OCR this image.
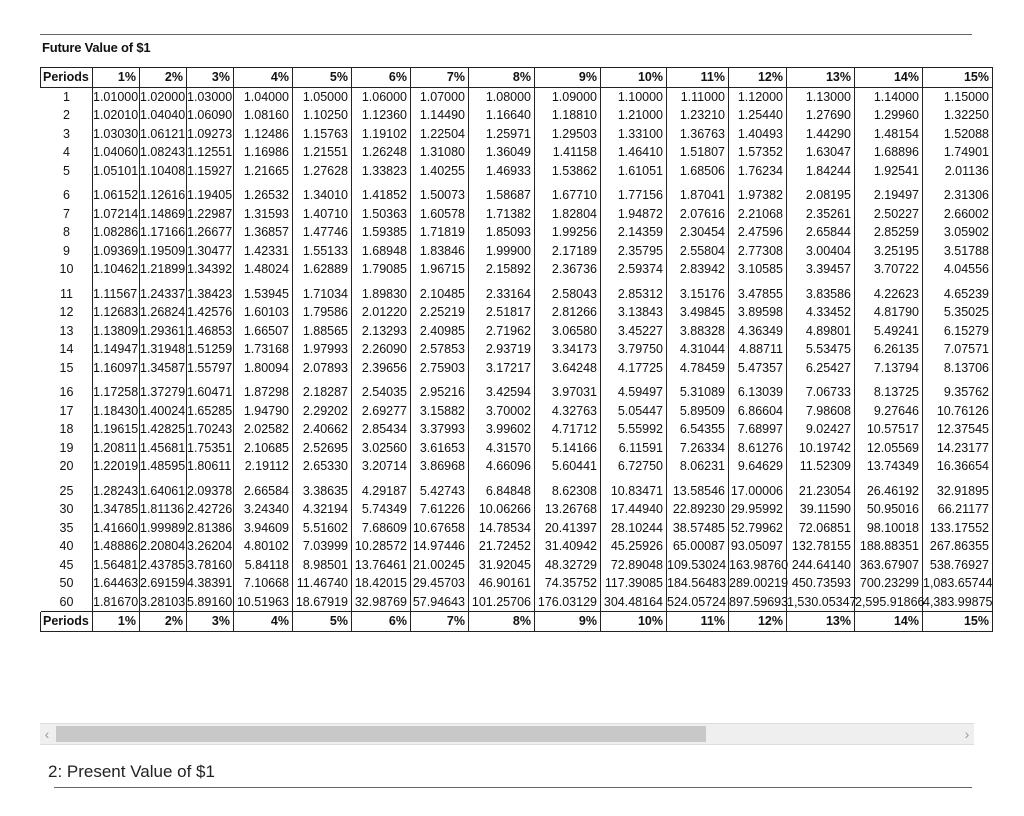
Future Value of $1
Periods	1%	2%	3%	4%	5%	6%	7%	8%	9%	10%	11%	12%	13%	14%	15%
1	1.01000	1.02000	1.03000	1.04000	1.05000	1.06000	1.07000	1.08000	1.09000	1.10000	1.11000	1.12000	1.13000	1.14000	1.15000
2	1.02010	1.04040	1.06090	1.08160	1.10250	1.12360	1.14490	1.16640	1.18810	1.21000	1.23210	1.25440	1.27690	1.29960	1.32250
3	1.03030	1.06121	1.09273	1.12486	1.15763	1.19102	1.22504	1.25971	1.29503	1.33100	1.36763	1.40493	1.44290	1.48154	1.52088
4	1.04060	1.08243	1.12551	1.16986	1.21551	1.26248	1.31080	1.36049	1.41158	1.46410	1.51807	1.57352	1.63047	1.68896	1.74901
5	1.05101	1.10408	1.15927	1.21665	1.27628	1.33823	1.40255	1.46933	1.53862	1.61051	1.68506	1.76234	1.84244	1.92541	2.01136
6	1.06152	1.12616	1.19405	1.26532	1.34010	1.41852	1.50073	1.58687	1.67710	1.77156	1.87041	1.97382	2.08195	2.19497	2.31306
7	1.07214	1.14869	1.22987	1.31593	1.40710	1.50363	1.60578	1.71382	1.82804	1.94872	2.07616	2.21068	2.35261	2.50227	2.66002
8	1.08286	1.17166	1.26677	1.36857	1.47746	1.59385	1.71819	1.85093	1.99256	2.14359	2.30454	2.47596	2.65844	2.85259	3.05902
9	1.09369	1.19509	1.30477	1.42331	1.55133	1.68948	1.83846	1.99900	2.17189	2.35795	2.55804	2.77308	3.00404	3.25195	3.51788
10	1.10462	1.21899	1.34392	1.48024	1.62889	1.79085	1.96715	2.15892	2.36736	2.59374	2.83942	3.10585	3.39457	3.70722	4.04556
11	1.11567	1.24337	1.38423	1.53945	1.71034	1.89830	2.10485	2.33164	2.58043	2.85312	3.15176	3.47855	3.83586	4.22623	4.65239
12	1.12683	1.26824	1.42576	1.60103	1.79586	2.01220	2.25219	2.51817	2.81266	3.13843	3.49845	3.89598	4.33452	4.81790	5.35025
13	1.13809	1.29361	1.46853	1.66507	1.88565	2.13293	2.40985	2.71962	3.06580	3.45227	3.88328	4.36349	4.89801	5.49241	6.15279
14	1.14947	1.31948	1.51259	1.73168	1.97993	2.26090	2.57853	2.93719	3.34173	3.79750	4.31044	4.88711	5.53475	6.26135	7.07571
15	1.16097	1.34587	1.55797	1.80094	2.07893	2.39656	2.75903	3.17217	3.64248	4.17725	4.78459	5.47357	6.25427	7.13794	8.13706
16	1.17258	1.37279	1.60471	1.87298	2.18287	2.54035	2.95216	3.42594	3.97031	4.59497	5.31089	6.13039	7.06733	8.13725	9.35762
17	1.18430	1.40024	1.65285	1.94790	2.29202	2.69277	3.15882	3.70002	4.32763	5.05447	5.89509	6.86604	7.98608	9.27646	10.76126
18	1.19615	1.42825	1.70243	2.02582	2.40662	2.85434	3.37993	3.99602	4.71712	5.55992	6.54355	7.68997	9.02427	10.57517	12.37545
19	1.20811	1.45681	1.75351	2.10685	2.52695	3.02560	3.61653	4.31570	5.14166	6.11591	7.26334	8.61276	10.19742	12.05569	14.23177
20	1.22019	1.48595	1.80611	2.19112	2.65330	3.20714	3.86968	4.66096	5.60441	6.72750	8.06231	9.64629	11.52309	13.74349	16.36654
25	1.28243	1.64061	2.09378	2.66584	3.38635	4.29187	5.42743	6.84848	8.62308	10.83471	13.58546	17.00006	21.23054	26.46192	32.91895
30	1.34785	1.81136	2.42726	3.24340	4.32194	5.74349	7.61226	10.06266	13.26768	17.44940	22.89230	29.95992	39.11590	50.95016	66.21177
35	1.41660	1.99989	2.81386	3.94609	5.51602	7.68609	10.67658	14.78534	20.41397	28.10244	38.57485	52.79962	72.06851	98.10018	133.17552
40	1.48886	2.20804	3.26204	4.80102	7.03999	10.28572	14.97446	21.72452	31.40942	45.25926	65.00087	93.05097	132.78155	188.88351	267.86355
45	1.56481	2.43785	3.78160	5.84118	8.98501	13.76461	21.00245	31.92045	48.32729	72.89048	109.53024	163.98760	244.64140	363.67907	538.76927
50	1.64463	2.69159	4.38391	7.10668	11.46740	18.42015	29.45703	46.90161	74.35752	117.39085	184.56483	289.00219	450.73593	700.23299	1,083.65744
60	1.81670	3.28103	5.89160	10.51963	18.67919	32.98769	57.94643	101.25706	176.03129	304.48164	524.05724	897.59693	1,530.05347	2,595.91866	4,383.99875
Periods	1%	2%	3%	4%	5%	6%	7%	8%	9%	10%	11%	12%	13%	14%	15%
‹	›
2: Present Value of $1
